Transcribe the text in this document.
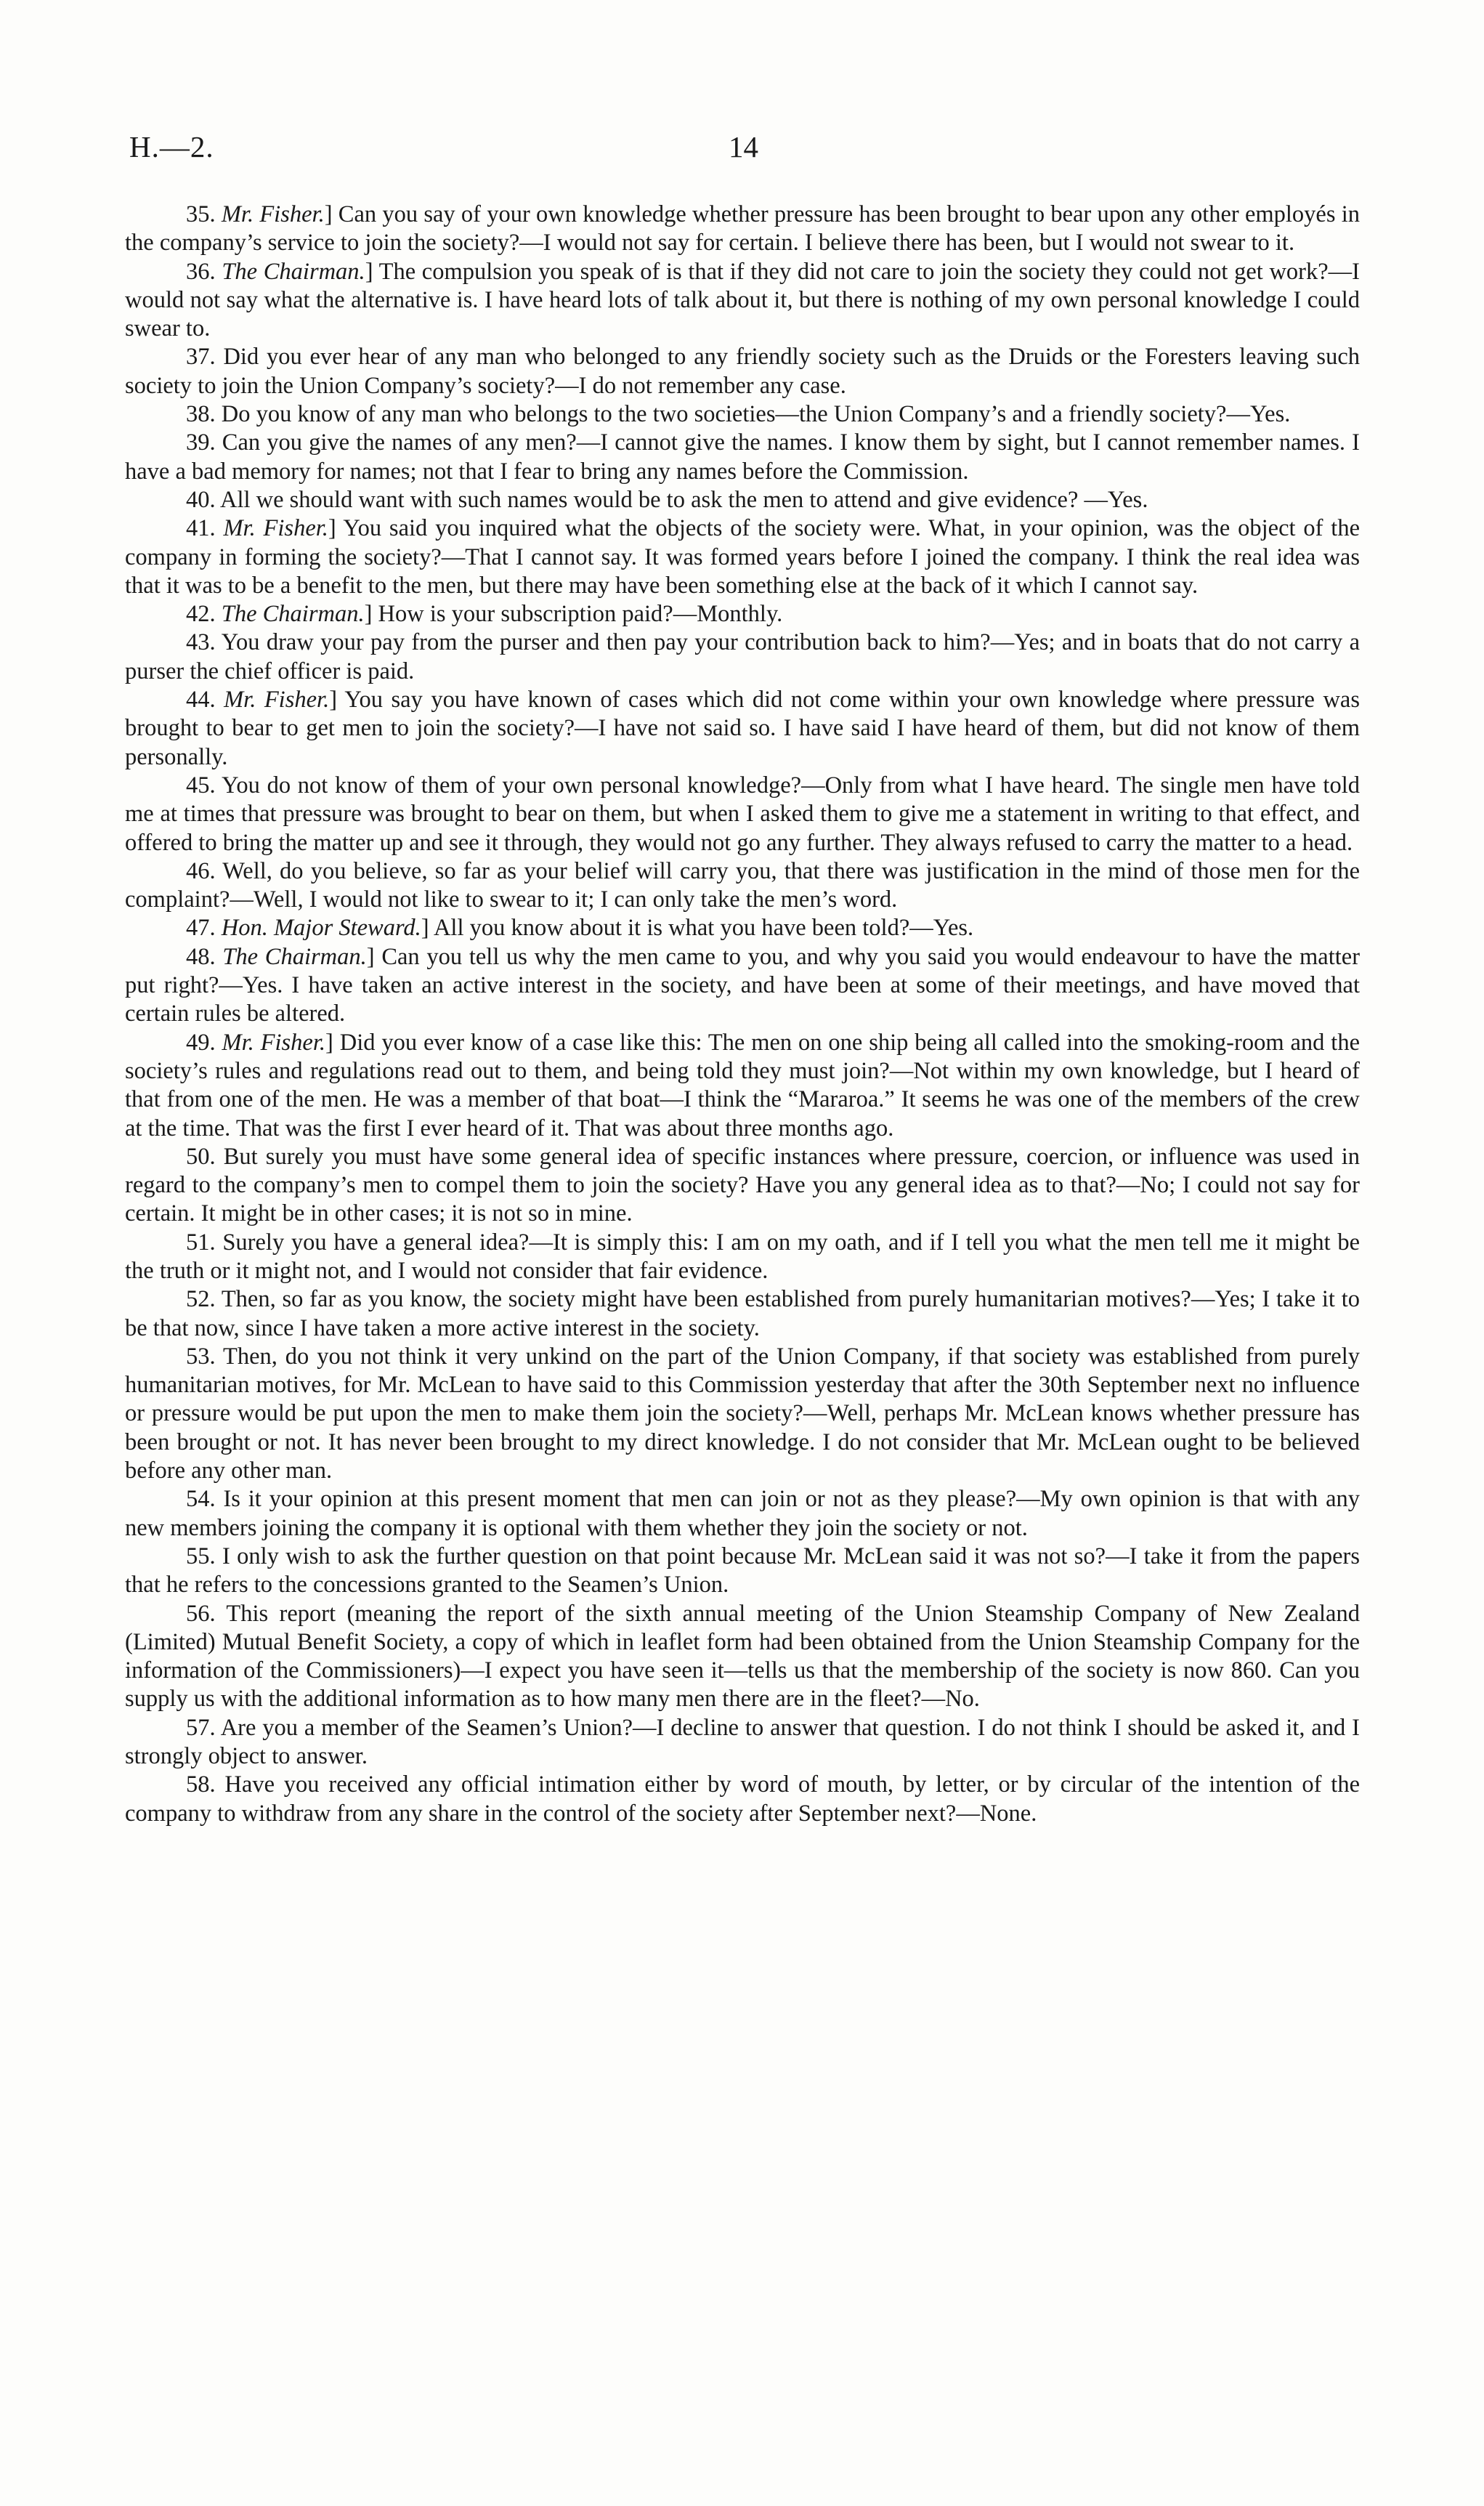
H.—2.	14

35. Mr. Fisher.] Can you say of your own knowledge whether pressure has been brought to bear upon any other employés in the company’s service to join the society?—I would not say for certain. I believe there has been, but I would not swear to it.

36. The Chairman.] The compulsion you speak of is that if they did not care to join the society they could not get work?—I would not say what the alternative is. I have heard lots of talk about it, but there is nothing of my own personal knowledge I could swear to.

37. Did you ever hear of any man who belonged to any friendly society such as the Druids or the Foresters leaving such society to join the Union Company’s society?—I do not remember any case.

38. Do you know of any man who belongs to the two societies—the Union Company’s and a friendly society?—Yes.

39. Can you give the names of any men?—I cannot give the names. I know them by sight, but I cannot remember names. I have a bad memory for names; not that I fear to bring any names before the Commission.

40. All we should want with such names would be to ask the men to attend and give evidence? —Yes.

41. Mr. Fisher.] You said you inquired what the objects of the society were. What, in your opinion, was the object of the company in forming the society?—That I cannot say. It was formed years before I joined the company. I think the real idea was that it was to be a benefit to the men, but there may have been something else at the back of it which I cannot say.

42. The Chairman.] How is your subscription paid?—Monthly.

43. You draw your pay from the purser and then pay your contribution back to him?—Yes; and in boats that do not carry a purser the chief officer is paid.

44. Mr. Fisher.] You say you have known of cases which did not come within your own knowledge where pressure was brought to bear to get men to join the society?—I have not said so. I have said I have heard of them, but did not know of them personally.

45. You do not know of them of your own personal knowledge?—Only from what I have heard. The single men have told me at times that pressure was brought to bear on them, but when I asked them to give me a statement in writing to that effect, and offered to bring the matter up and see it through, they would not go any further. They always refused to carry the matter to a head.

46. Well, do you believe, so far as your belief will carry you, that there was justification in the mind of those men for the complaint?—Well, I would not like to swear to it; I can only take the men’s word.

47. Hon. Major Steward.] All you know about it is what you have been told?—Yes.

48. The Chairman.] Can you tell us why the men came to you, and why you said you would endeavour to have the matter put right?—Yes. I have taken an active interest in the society, and have been at some of their meetings, and have moved that certain rules be altered.

49. Mr. Fisher.] Did you ever know of a case like this: The men on one ship being all called into the smoking-room and the society’s rules and regulations read out to them, and being told they must join?—Not within my own knowledge, but I heard of that from one of the men. He was a member of that boat—I think the “Mararoa.” It seems he was one of the members of the crew at the time. That was the first I ever heard of it. That was about three months ago.

50. But surely you must have some general idea of specific instances where pressure, coercion, or influence was used in regard to the company’s men to compel them to join the society? Have you any general idea as to that?—No; I could not say for certain. It might be in other cases; it is not so in mine.

51. Surely you have a general idea?—It is simply this: I am on my oath, and if I tell you what the men tell me it might be the truth or it might not, and I would not consider that fair evidence.

52. Then, so far as you know, the society might have been established from purely humanitarian motives?—Yes; I take it to be that now, since I have taken a more active interest in the society.

53. Then, do you not think it very unkind on the part of the Union Company, if that society was established from purely humanitarian motives, for Mr. McLean to have said to this Commission yesterday that after the 30th September next no influence or pressure would be put upon the men to make them join the society?—Well, perhaps Mr. McLean knows whether pressure has been brought or not. It has never been brought to my direct knowledge. I do not consider that Mr. McLean ought to be believed before any other man.

54. Is it your opinion at this present moment that men can join or not as they please?—My own opinion is that with any new members joining the company it is optional with them whether they join the society or not.

55. I only wish to ask the further question on that point because Mr. McLean said it was not so?—I take it from the papers that he refers to the concessions granted to the Seamen’s Union.

56. This report (meaning the report of the sixth annual meeting of the Union Steamship Company of New Zealand (Limited) Mutual Benefit Society, a copy of which in leaflet form had been obtained from the Union Steamship Company for the information of the Commissioners)—I expect you have seen it—tells us that the membership of the society is now 860. Can you supply us with the additional information as to how many men there are in the fleet?—No.

57. Are you a member of the Seamen’s Union?—I decline to answer that question. I do not think I should be asked it, and I strongly object to answer.

58. Have you received any official intimation either by word of mouth, by letter, or by circular of the intention of the company to withdraw from any share in the control of the society after September next?—None.
